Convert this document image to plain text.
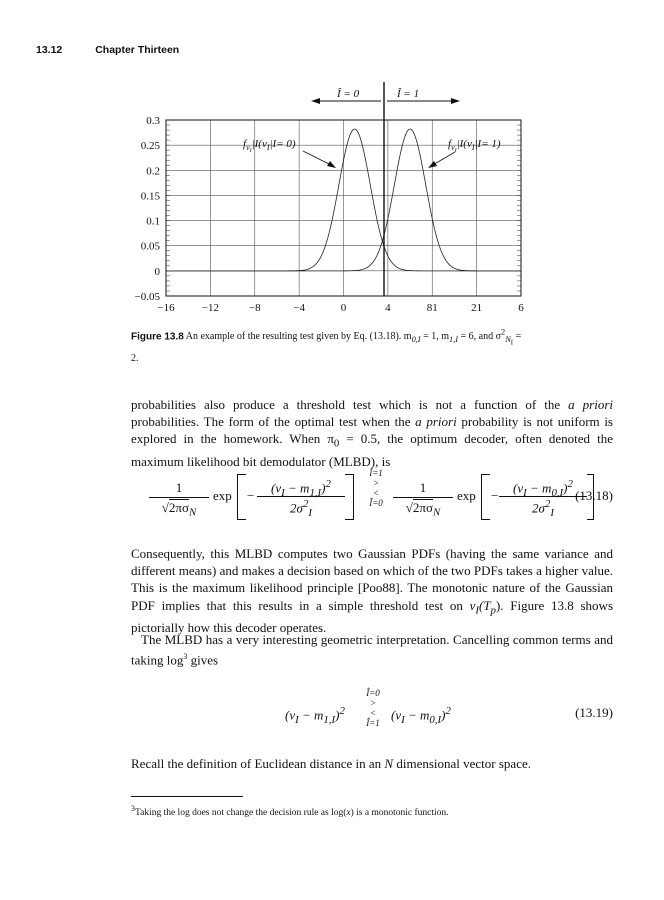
13.12	Chapter Thirteen
−0.05
0
0.05
0.1
0.15
0.2
0.25
0.3
−16 −12	−8	−4	0	4	81	21	6
Î = 0	Î = 1
$f_vI|I(v_I|I= 0)$	$f_vI|I(v_I|I= 1)$
Figure 13.8 An example of the resulting test given by Eq. (13.18). $m_{0,I} = 1$, $m_{1,I} = 6$, and $\sigma^2_{N_I} = 2$.

probabilities also produce a threshold test which is not a function of the a priori probabilities. The form of the optimal test when the a priori probability is not uniform is explored in the homework. When $\pi_0 = 0.5$, the optimum decoder, often denoted the maximum likelihood bit demodulator (MLBD), is

1
$√2\pi\sigma_N$
exp −
$(v_I - m_{1,I})^2$
$2\sigma^2_I$
Î=1
>
<
Î=0
1
$√2\pi\sigma_N$
exp −
$(v_I - m_{0,I})^2$
$2\sigma^2_I$
(13.18)

Consequently, this MLBD computes two Gaussian PDFs (having the same variance and different means) and makes a decision based on which of the two PDFs takes a higher value. This is the maximum likelihood principle [Poo88]. The monotonic nature of the Gaussian PDF implies that this results in a simple threshold test on $v_I(T_p)$. Figure 13.8 shows pictorially how this decoder operates.

The MLBD has a very interesting geometric interpretation. Cancelling common terms and taking $\log^3$ gives

$(v_I - m_{1,I})^2$
Î=0
>
<
Î=1
$(v_I - m_{0,I})^2$	(13.19)

Recall the definition of Euclidean distance in an N dimensional vector space.

$^3$Taking the log does not change the decision rule as log(x) is a monotonic function.
